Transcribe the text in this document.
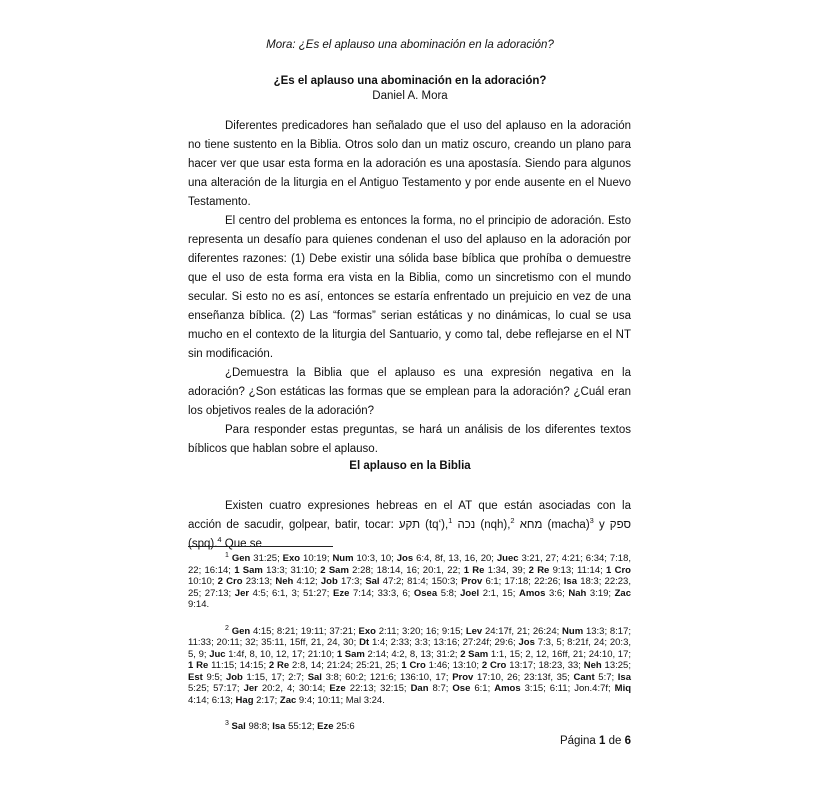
Mora: ¿Es el aplauso una abominación en la adoración?
¿Es el aplauso una abominación en la adoración?
Daniel A. Mora

Diferentes predicadores han señalado que el uso del aplauso en la adoración no tiene sustento en la Biblia. Otros solo dan un matiz oscuro, creando un plano para hacer ver que usar esta forma en la adoración es una apostasía. Siendo para algunos una alteración de la liturgia en el Antiguo Testamento y por ende ausente en el Nuevo Testamento.

El centro del problema es entonces la forma, no el principio de adoración. Esto representa un desafío para quienes condenan el uso del aplauso en la adoración por diferentes razones: (1) Debe existir una sólida base bíblica que prohíba o demuestre que el uso de esta forma era vista en la Biblia, como un sincretismo con el mundo secular. Si esto no es así, entonces se estaría enfrentado un prejuicio en vez de una enseñanza bíblica. (2) Las “formas” serian estáticas y no dinámicas, lo cual se usa mucho en el contexto de la liturgia del Santuario, y como tal, debe reflejarse en el NT sin modificación.

¿Demuestra la Biblia que el aplauso es una expresión negativa en la adoración? ¿Son estáticas las formas que se emplean para la adoración? ¿Cuál eran los objetivos reales de la adoración?

Para responder estas preguntas, se hará un análisis de los diferentes textos bíblicos que hablan sobre el aplauso.

El aplauso en la Biblia

Existen cuatro expresiones hebreas en el AT que están asociadas con la acción de sacudir, golpear, batir, tocar: תקע (tq‘),$^1$ נכה (nqh),$^2$ מחא (macha)$^3$ y ספק (spq).$^4$ Que se

$^1$ Gen 31:25; Exo 10:19; Num 10:3, 10; Jos 6:4, 8f, 13, 16, 20; Juec 3:21, 27; 4:21; 6:34; 7:18, 22; 16:14; 1 Sam 13:3; 31:10; 2 Sam 2:28; 18:14, 16; 20:1, 22; 1 Re 1:34, 39; 2 Re 9:13; 11:14; 1 Cro 10:10; 2 Cro 23:13; Neh 4:12; Job 17:3; Sal 47:2; 81:4; 150:3; Prov 6:1; 17:18; 22:26; Isa 18:3; 22:23, 25; 27:13; Jer 4:5; 6:1, 3; 51:27; Eze 7:14; 33:3, 6; Osea 5:8; Joel 2:1, 15; Amos 3:6; Nah 3:19; Zac 9:14.

$^2$ Gen 4:15; 8:21; 19:11; 37:21; Exo 2:11; 3:20; 16; 9:15; Lev 24:17f, 21; 26:24; Num 13:3; 8:17; 11:33; 20:11; 32; 35:11, 15ff, 21, 24, 30; Dt 1:4; 2:33; 3:3; 13:16; 27:24f; 29:6; Jos 7:3, 5; 8:21f, 24; 20:3, 5, 9; Juc 1:4f, 8, 10, 12, 17; 21:10; 1 Sam 2:14; 4:2, 8, 13; 31:2; 2 Sam 1:1, 15; 2, 12, 16ff, 21; 24:10, 17; 1 Re 11:15; 14:15; 2 Re 2:8, 14; 21:24; 25:21, 25; 1 Cro 1:46; 13:10; 2 Cro 13:17; 18:23, 33; Neh 13:25; Est 9:5; Job 1:15, 17; 2:7; Sal 3:8; 60:2; 121:6; 136:10, 17; Prov 17:10, 26; 23:13f, 35; Cant 5:7; Isa 5:25; 57:17; Jer 20:2, 4; 30:14; Eze 22:13; 32:15; Dan 8:7; Ose 6:1; Amos 3:15; 6:11; Jon.4:7f; Miq 4:14; 6:13; Hag 2:17; Zac 9:4; 10:11; Mal 3:24.

$^3$ Sal 98:8; Isa 55:12; Eze 25:6

Página 1 de 6
